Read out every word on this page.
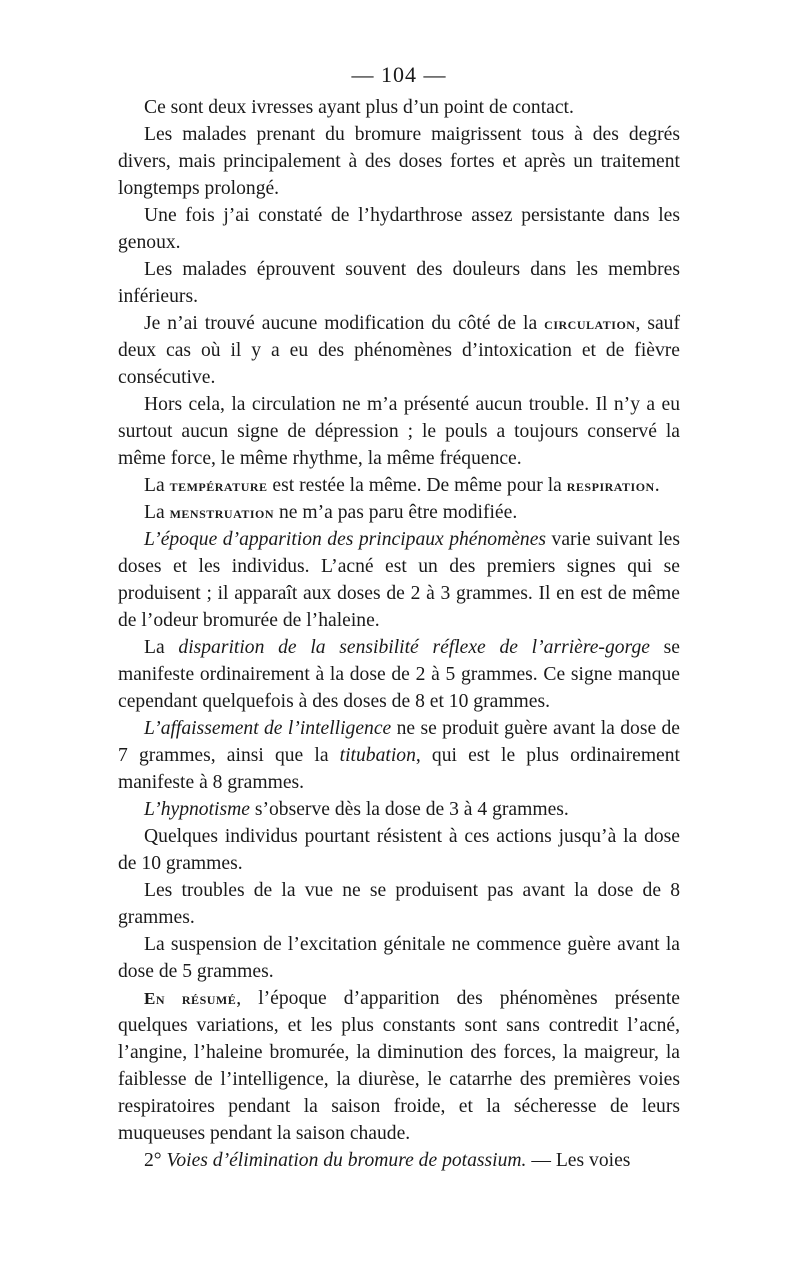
— 104 —

Ce sont deux ivresses ayant plus d’un point de contact.

Les malades prenant du bromure maigrissent tous à des degrés divers, mais principalement à des doses fortes et après un traitement longtemps prolongé.

Une fois j’ai constaté de l’hydarthrose assez persistante dans les genoux.

Les malades éprouvent souvent des douleurs dans les membres inférieurs.

Je n’ai trouvé aucune modification du côté de la circulation, sauf deux cas où il y a eu des phénomènes d’intoxication et de fièvre consécutive.

Hors cela, la circulation ne m’a présenté aucun trouble. Il n’y a eu surtout aucun signe de dépression ; le pouls a toujours conservé la même force, le même rhythme, la même fréquence.

La température est restée la même. De même pour la respiration.

La menstruation ne m’a pas paru être modifiée.

L’époque d’apparition des principaux phénomènes varie suivant les doses et les individus. L’acné est un des premiers signes qui se produisent ; il apparaît aux doses de 2 à 3 grammes. Il en est de même de l’odeur bromurée de l’haleine.

La disparition de la sensibilité réflexe de l’arrière-gorge se manifeste ordinairement à la dose de 2 à 5 grammes. Ce signe manque cependant quelquefois à des doses de 8 et 10 grammes.

L’affaissement de l’intelligence ne se produit guère avant la dose de 7 grammes, ainsi que la titubation, qui est le plus ordinairement manifeste à 8 grammes.

L’hypnotisme s’observe dès la dose de 3 à 4 grammes.

Quelques individus pourtant résistent à ces actions jusqu’à la dose de 10 grammes.

Les troubles de la vue ne se produisent pas avant la dose de 8 grammes.

La suspension de l’excitation génitale ne commence guère avant la dose de 5 grammes.

En résumé, l’époque d’apparition des phénomènes présente quelques variations, et les plus constants sont sans contredit l’acné, l’angine, l’haleine bromurée, la diminution des forces, la maigreur, la faiblesse de l’intelligence, la diurèse, le catarrhe des premières voies respiratoires pendant la saison froide, et la sécheresse de leurs muqueuses pendant la saison chaude.

2° Voies d’élimination du bromure de potassium. — Les voies
